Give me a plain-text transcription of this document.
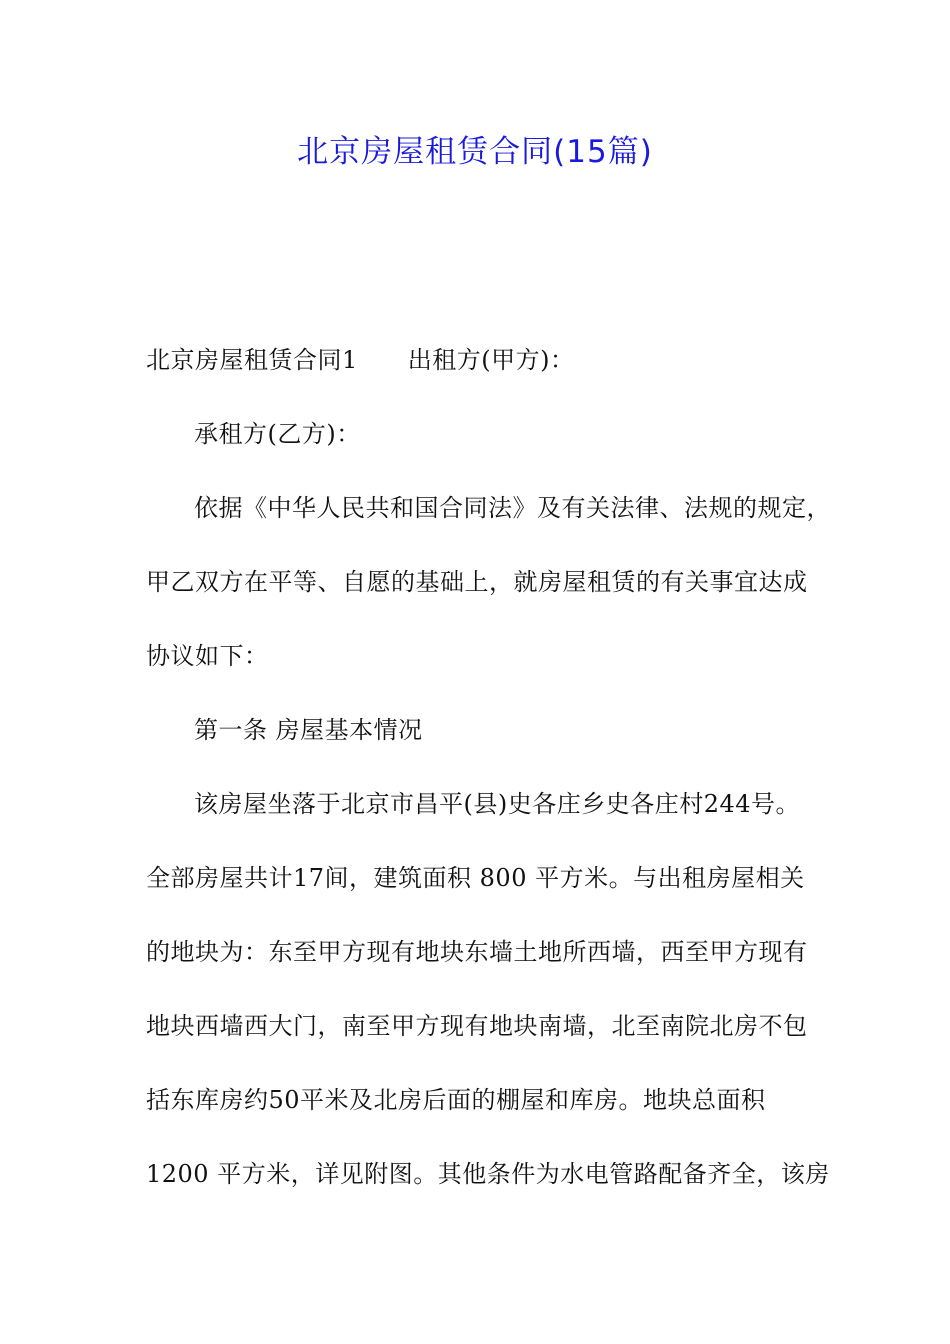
北京房屋租赁合同(15篇)
北京房屋租赁合同1 出租方(甲方)：
承租方(乙方)：
依据《中华人民共和国合同法》及有关法律、法规的规定，
甲乙双方在平等、自愿的基础上，就房屋租赁的有关事宜达成
协议如下：
第一条 房屋基本情况
该房屋坐落于北京市昌平(县)史各庄乡史各庄村244号。
全部房屋共计17间，建筑面积 800 平方米。与出租房屋相关
的地块为：东至甲方现有地块东墙土地所西墙，西至甲方现有
地块西墙西大门，南至甲方现有地块南墙，北至南院北房不包
括东库房约50平米及北房后面的棚屋和库房。地块总面积
1200 平方米，详见附图。其他条件为水电管路配备齐全，该房
